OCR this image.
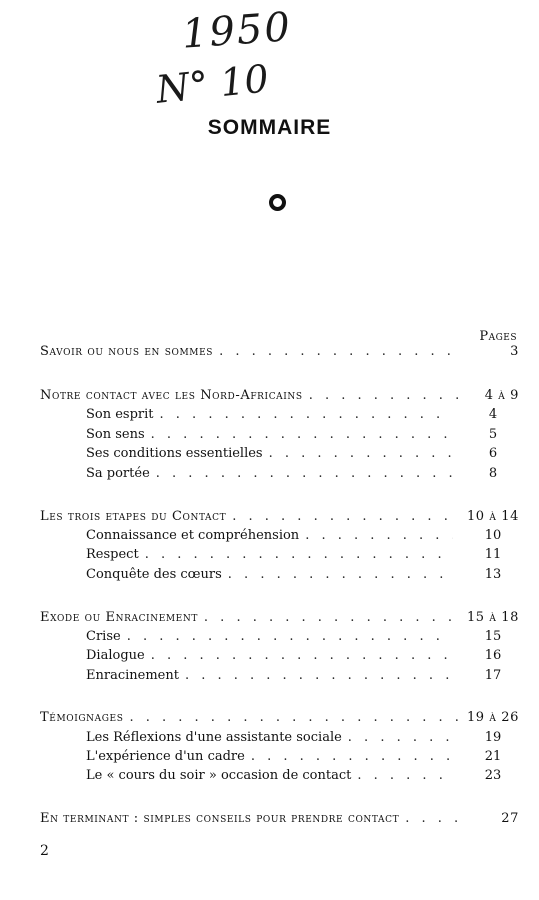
1950
N° 10
SOMMAIRE
Pages
Savoir ou nous en sommes . . .	3
Notre contact avec les Nord-Africains . . .	4 à 9
Son esprit . . .	4
Son sens . . .	5
Ses conditions essentielles . . .	6
Sa portée . . .	8
Les trois etapes du Contact . . .	10 à 14
Connaissance et compréhension . . .	10
Respect . . .	11
Conquête des cœurs . . .	13
Exode ou Enracinement . . .	15 à 18
Crise . . .	15
Dialogue . . .	16
Enracinement . . .	17
Témoignages . . .	19 à 26
Les Réflexions d'une assistante sociale . . .	19
L'expérience d'un cadre . . .	21
Le « cours du soir » occasion de contact . . .	23
En terminant : simples conseils pour prendre contact . . .	27
2
